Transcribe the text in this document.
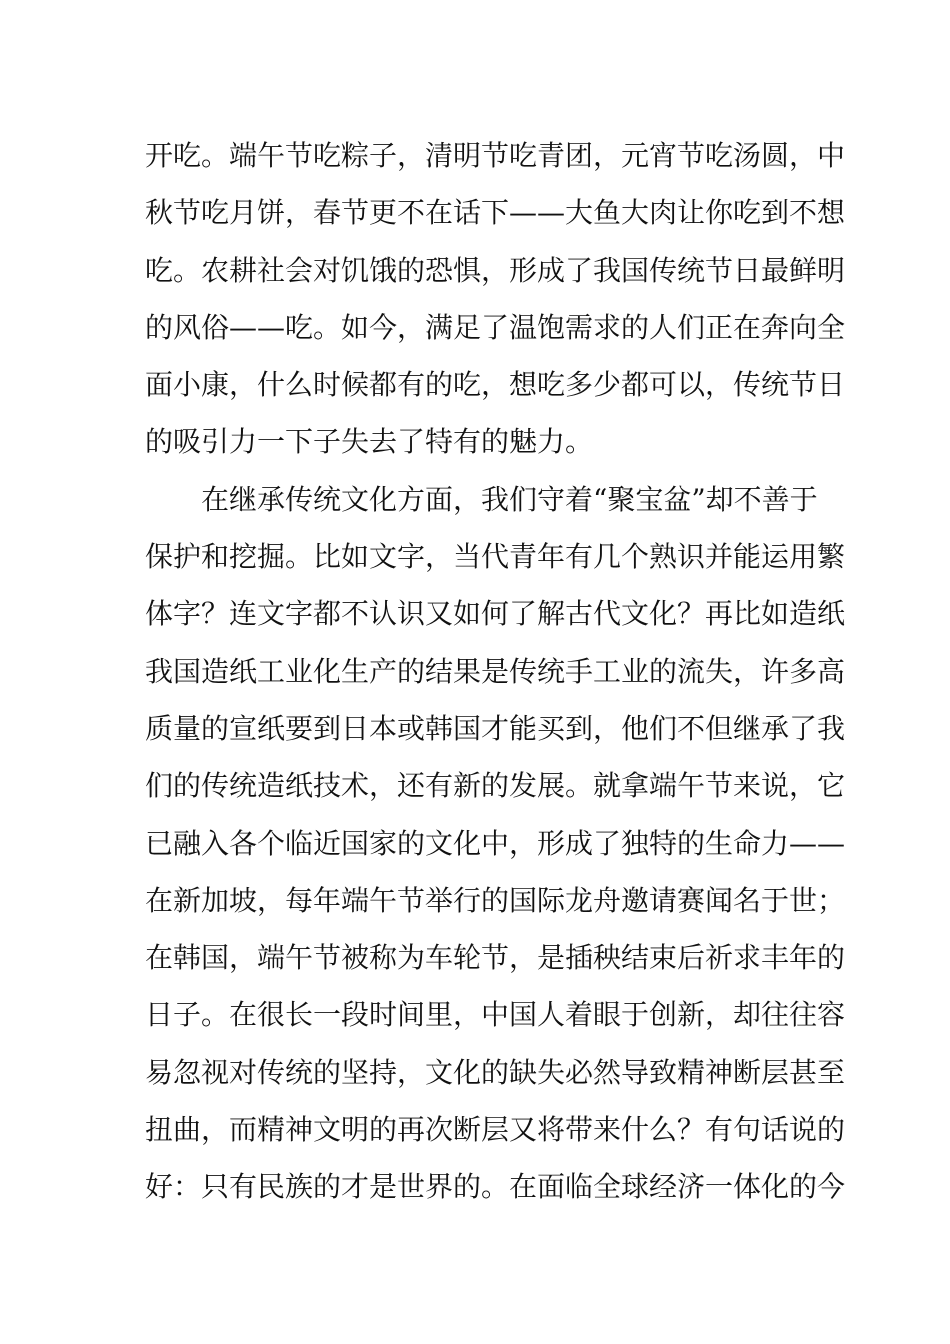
开吃。端午节吃粽子，清明节吃青团，元宵节吃汤圆，中
秋节吃月饼，春节更不在话下——大鱼大肉让你吃到不想
吃。农耕社会对饥饿的恐惧，形成了我国传统节日最鲜明
的风俗——吃。如今，满足了温饱需求的人们正在奔向全
面小康，什么时候都有的吃，想吃多少都可以，传统节日
的吸引力一下子失去了特有的魅力。
在继承传统文化方面，我们守着“聚宝盆”却不善于
保护和挖掘。比如文字，当代青年有几个熟识并能运用繁
体字？连文字都不认识又如何了解古代文化？再比如造纸
我国造纸工业化生产的结果是传统手工业的流失，许多高
质量的宣纸要到日本或韩国才能买到，他们不但继承了我
们的传统造纸技术，还有新的发展。就拿端午节来说，它
已融入各个临近国家的文化中，形成了独特的生命力——
在新加坡，每年端午节举行的国际龙舟邀请赛闻名于世；
在韩国，端午节被称为车轮节，是插秧结束后祈求丰年的
日子。在很长一段时间里，中国人着眼于创新，却往往容
易忽视对传统的坚持，文化的缺失必然导致精神断层甚至
扭曲，而精神文明的再次断层又将带来什么？有句话说的
好：只有民族的才是世界的。在面临全球经济一体化的今
